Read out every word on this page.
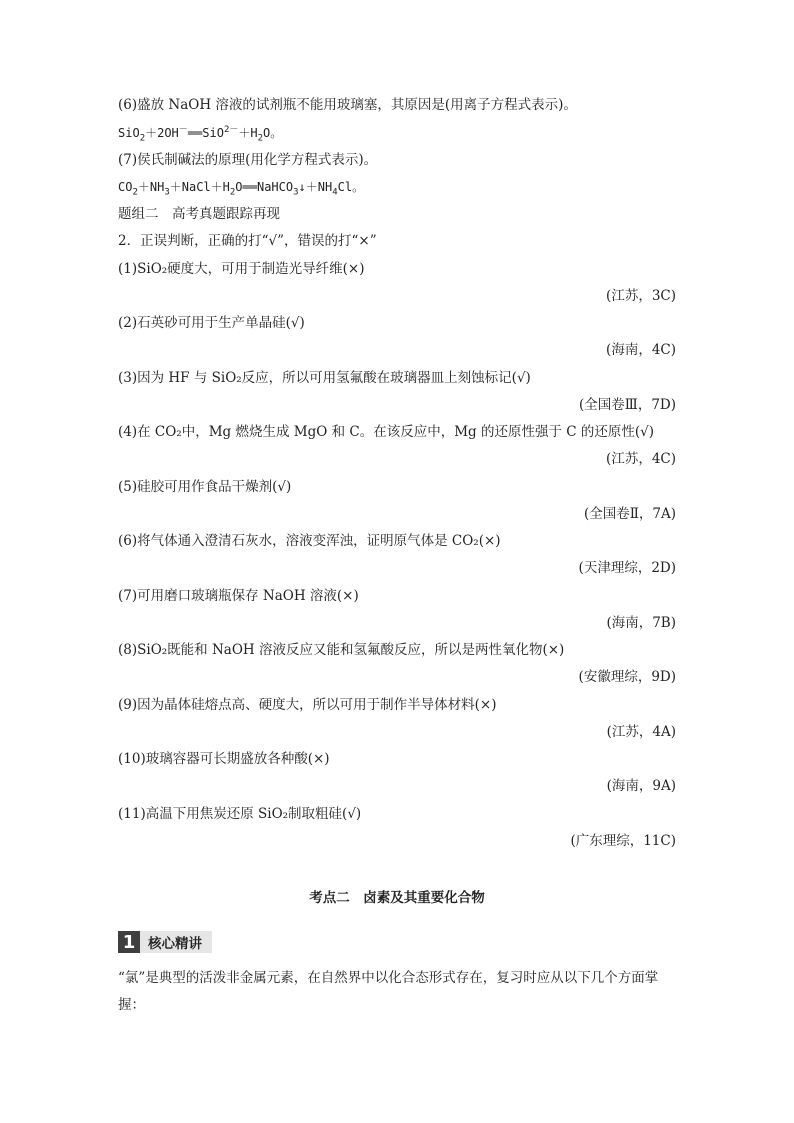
(6)盛放 NaOH 溶液的试剂瓶不能用玻璃塞，其原因是(用离子方程式表示)。
$SiO_2+2OH^-══SiO^{2-}+H_2O$。
(7)侯氏制碱法的原理(用化学方程式表示)。
$CO_2+NH_3+NaCl+H_2O══NaHCO_3↓+NH_4Cl$。
题组二　高考真题跟踪再现
2．正误判断，正确的打“√”，错误的打“×”
(1)SiO₂硬度大，可用于制造光导纤维(×)
(江苏，3C)
(2)石英砂可用于生产单晶硅(√)
(海南，4C)
(3)因为 HF 与 SiO₂反应，所以可用氢氟酸在玻璃器皿上刻蚀标记(√)
(全国卷Ⅲ，7D)
(4)在 CO₂中，Mg 燃烧生成 MgO 和 C。在该反应中，Mg 的还原性强于 C 的还原性(√)
(江苏，4C)
(5)硅胶可用作食品干燥剂(√)
(全国卷Ⅱ，7A)
(6)将气体通入澄清石灰水，溶液变浑浊，证明原气体是 CO₂(×)
(天津理综，2D)
(7)可用磨口玻璃瓶保存 NaOH 溶液(×)
(海南，7B)
(8)SiO₂既能和 NaOH 溶液反应又能和氢氟酸反应，所以是两性氧化物(×)
(安徽理综，9D)
(9)因为晶体硅熔点高、硬度大，所以可用于制作半导体材料(×)
(江苏，4A)
(10)玻璃容器可长期盛放各种酸(×)
(海南，9A)
(11)高温下用焦炭还原 SiO₂制取粗硅(√)
(广东理综，11C)
考点二　卤素及其重要化合物
1 核心精讲
“氯”是典型的活泼非金属元素，在自然界中以化合态形式存在，复习时应从以下几个方面掌握：
